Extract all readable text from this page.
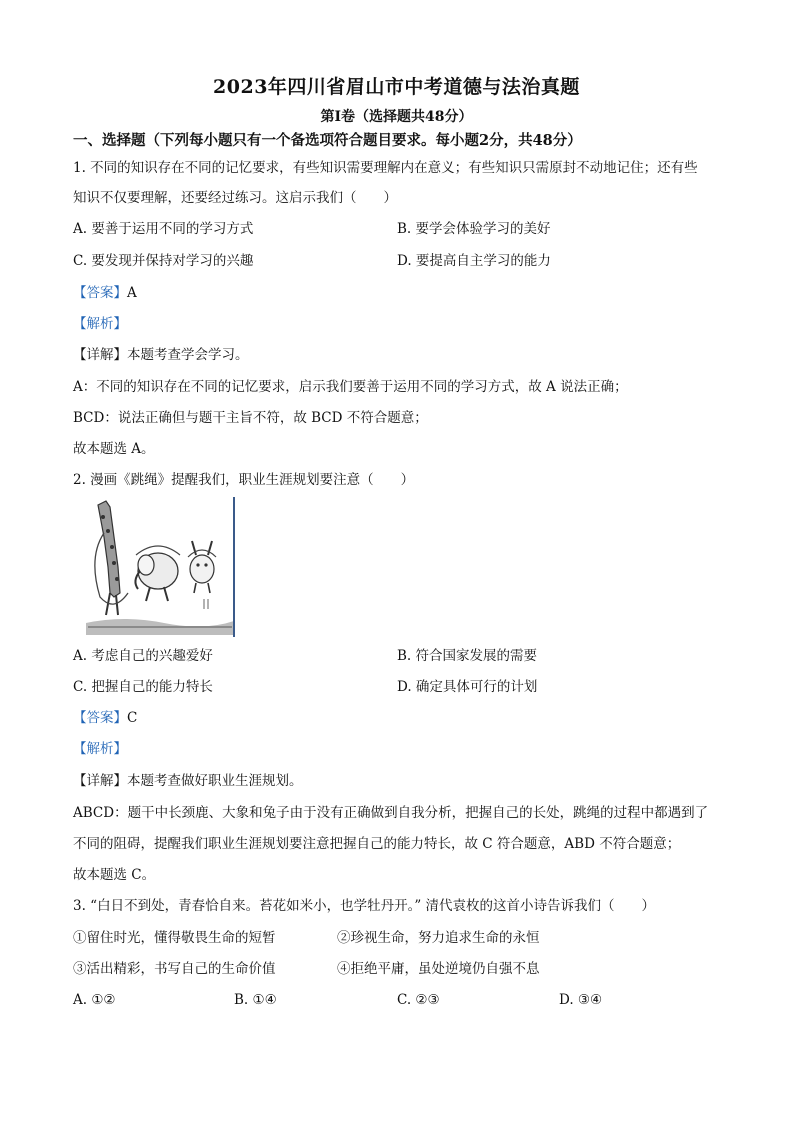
2023年四川省眉山市中考道德与法治真题
第I卷（选择题共48分）
一、选择题（下列每小题只有一个备选项符合题目要求。每小题2分，共48分）
1. 不同的知识存在不同的记忆要求，有些知识需要理解内在意义；有些知识只需原封不动地记住；还有些
知识不仅要理解，还要经过练习。这启示我们（　　）
A. 要善于运用不同的学习方式	B. 要学会体验学习的美好
C. 要发现并保持对学习的兴趣	D. 要提高自主学习的能力
【答案】A
【解析】
【详解】本题考查学会学习。
A：不同的知识存在不同的记忆要求，启示我们要善于运用不同的学习方式，故 A 说法正确；
BCD：说法正确但与题干主旨不符，故 BCD 不符合题意；
故本题选 A。
2. 漫画《跳绳》提醒我们，职业生涯规划要注意（　　）
A. 考虑自己的兴趣爱好	B. 符合国家发展的需要
C. 把握自己的能力特长	D. 确定具体可行的计划
【答案】C
【解析】
【详解】本题考查做好职业生涯规划。
ABCD：题干中长颈鹿、大象和兔子由于没有正确做到自我分析，把握自己的长处，跳绳的过程中都遇到了
不同的阻碍，提醒我们职业生涯规划要注意把握自己的能力特长，故 C 符合题意，ABD 不符合题意；
故本题选 C。
3. “白日不到处，青春恰自来。苔花如米小，也学牡丹开。” 清代袁枚的这首小诗告诉我们（　　）
①留住时光，懂得敬畏生命的短暂	②珍视生命，努力追求生命的永恒
③活出精彩，书写自己的生命价值	④拒绝平庸，虽处逆境仍自强不息
A. ①②	B. ①④	C. ②③	D. ③④
